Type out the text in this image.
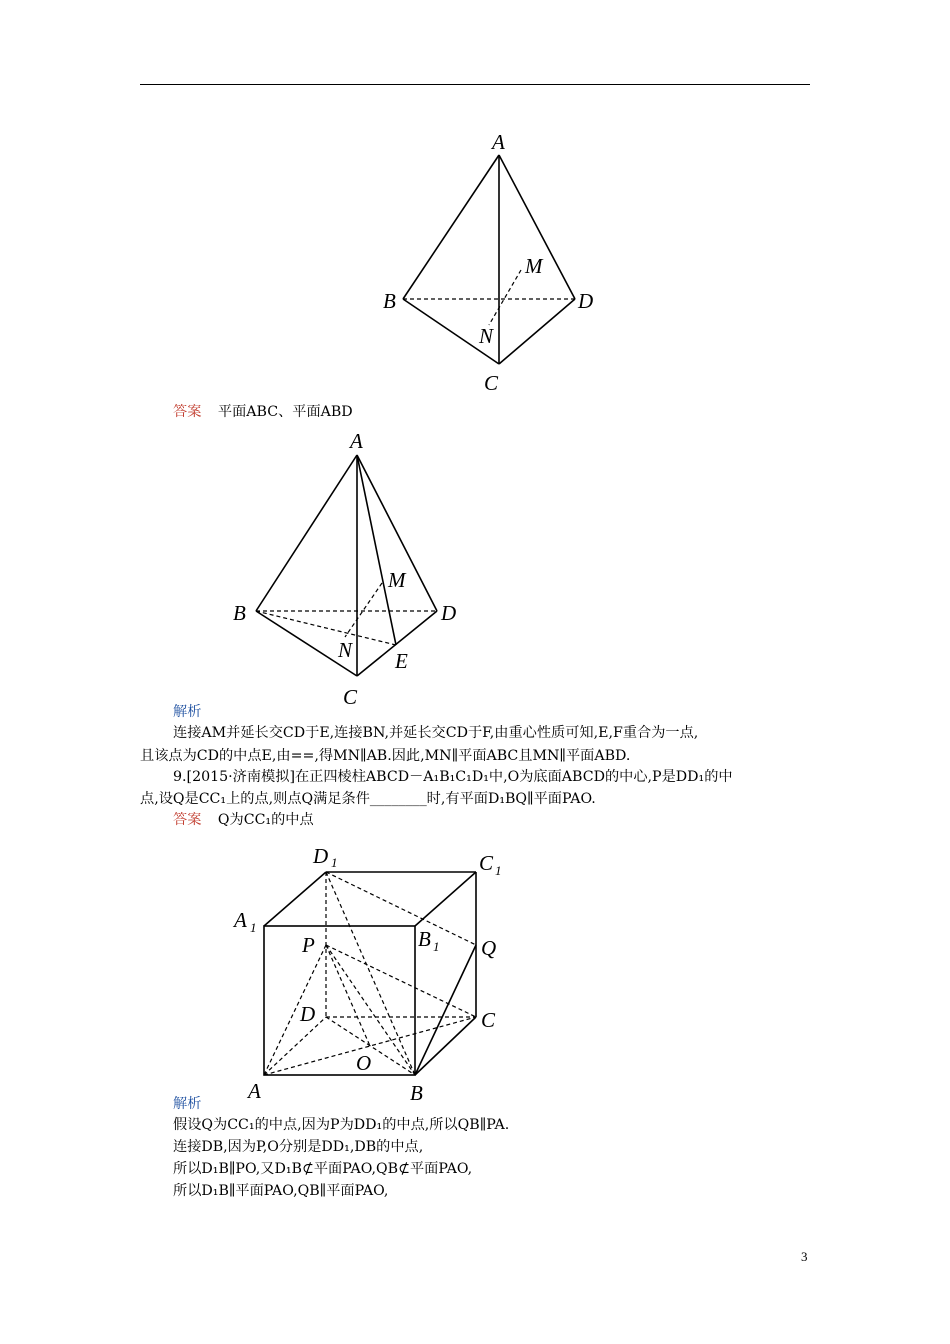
A
B
C
D
M
N
答案 平面ABC、平面ABD
A
B
C
D
M
N E
解析
连接AM并延长交CD于E,连接BN,并延长交CD于F,由重心性质可知,E,F重合为一点,
且该点为CD的中点E,由==,得MN∥AB.因此,MN∥平面ABC且MN∥平面ABD.
9.[2015·济南模拟]在正四棱柱ABCD－A₁B₁C₁D₁中,O为底面ABCD的中心,P是DD₁的中
点,设Q是CC₁上的点,则点Q满足条件________时,有平面D₁BQ∥平面PAO.
答案 Q为CC₁的中点
D 1	C 1
A 1	B 1
P	Q
D	C
O
A	B
解析
假设Q为CC₁的中点,因为P为DD₁的中点,所以QB∥PA.
连接DB,因为P,O分别是DD₁,DB的中点,
所以D₁B∥PO,又D₁B⊄平面PAO,QB⊄平面PAO,
所以D₁B∥平面PAO,QB∥平面PAO,
3
